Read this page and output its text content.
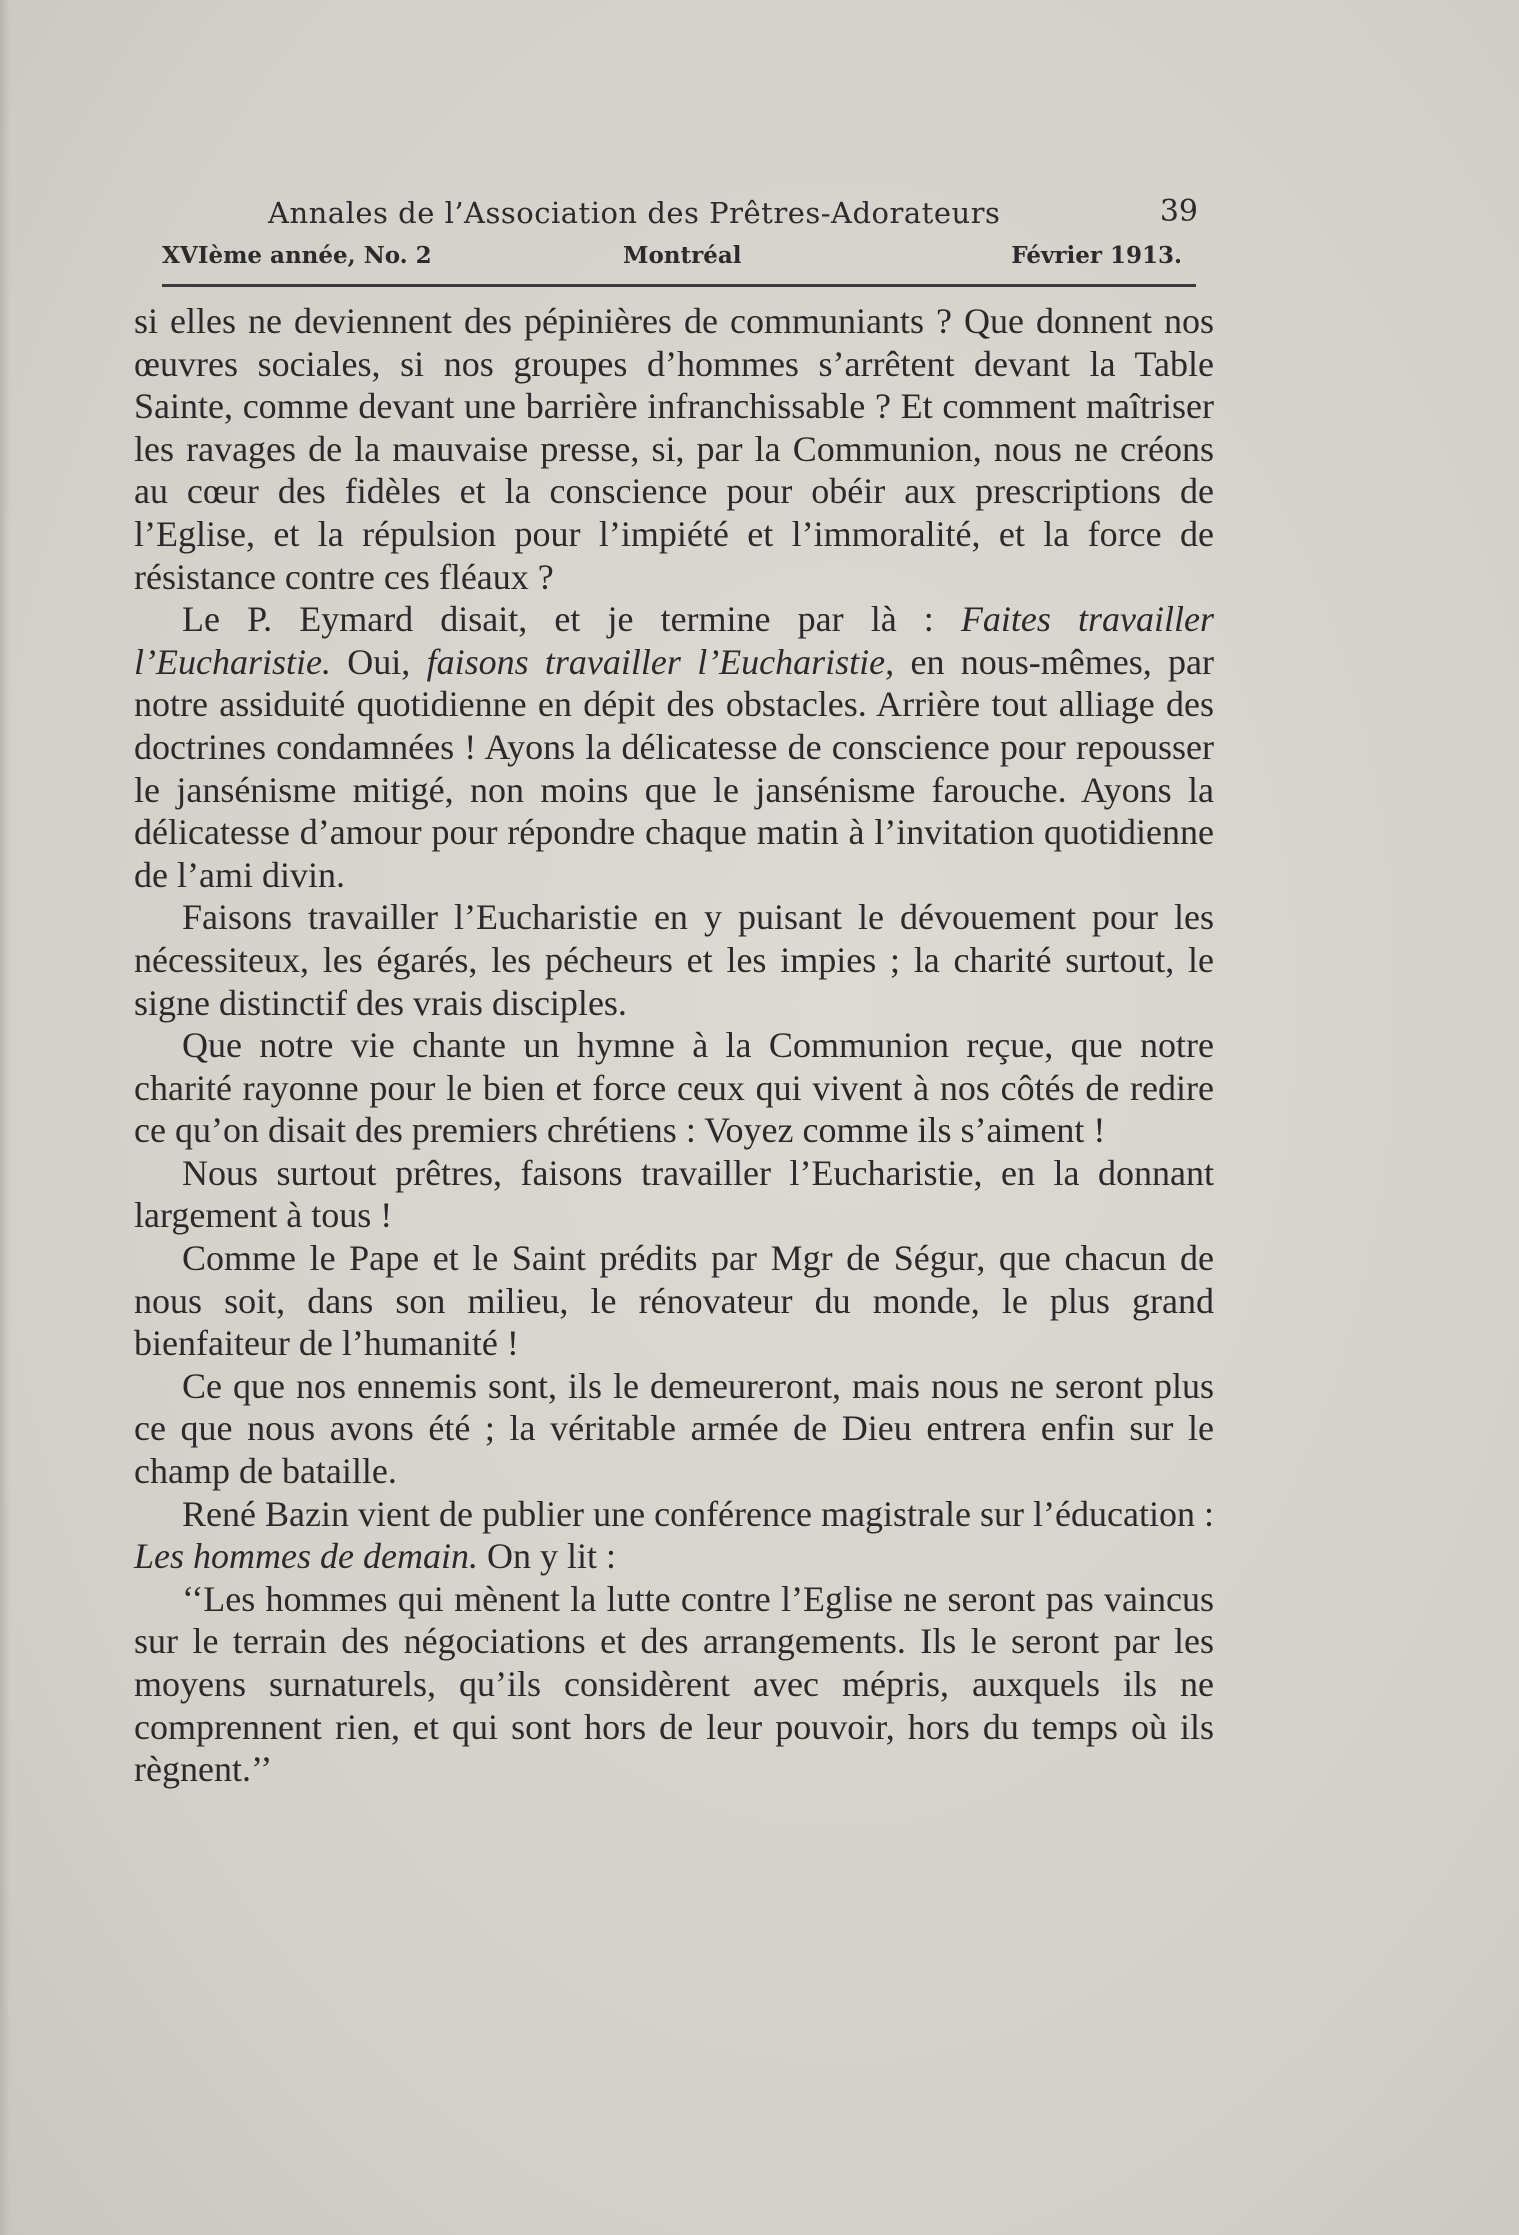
Annales de l’Association des Prêtres-Adorateurs	39
XVIème année, No. 2	Montréal	Février 1913.

si elles ne deviennent des pépinières de communiants ? Que donnent nos œuvres sociales, si nos groupes d’hommes s’arrêtent devant la Table Sainte, comme devant une barrière infranchissable ? Et comment maîtriser les ravages de la mauvaise presse, si, par la Communion, nous ne créons au cœur des fidèles et la conscience pour obéir aux prescriptions de l’Eglise, et la répulsion pour l’impiété et l’immoralité, et la force de résistance contre ces fléaux ?

Le P. Eymard disait, et je termine par là : Faites travailler l’Eucharistie. Oui, faisons travailler l’Eucharistie, en nous-mêmes, par notre assiduité quotidienne en dépit des obstacles. Arrière tout alliage des doctrines condamnées ! Ayons la délicatesse de conscience pour repousser le jansénisme mitigé, non moins que le jansénisme farouche. Ayons la délicatesse d’amour pour répondre chaque matin à l’invitation quotidienne de l’ami divin.

Faisons travailler l’Eucharistie en y puisant le dévouement pour les nécessiteux, les égarés, les pécheurs et les impies ; la charité surtout, le signe distinctif des vrais disciples.

Que notre vie chante un hymne à la Communion reçue, que notre charité rayonne pour le bien et force ceux qui vivent à nos côtés de redire ce qu’on disait des premiers chrétiens : Voyez comme ils s’aiment !

Nous surtout prêtres, faisons travailler l’Eucharistie, en la donnant largement à tous !

Comme le Pape et le Saint prédits par Mgr de Ségur, que chacun de nous soit, dans son milieu, le rénovateur du monde, le plus grand bienfaiteur de l’humanité !

Ce que nos ennemis sont, ils le demeureront, mais nous ne seront plus ce que nous avons été ; la véritable armée de Dieu entrera enfin sur le champ de bataille.

René Bazin vient de publier une conférence magistrale sur l’éducation : Les hommes de demain. On y lit :

‘‘Les hommes qui mènent la lutte contre l’Eglise ne seront pas vaincus sur le terrain des négociations et des arrangements. Ils le seront par les moyens surnaturels, qu’ils considèrent avec mépris, auxquels ils ne comprennent rien, et qui sont hors de leur pouvoir, hors du temps où ils règnent.’’
